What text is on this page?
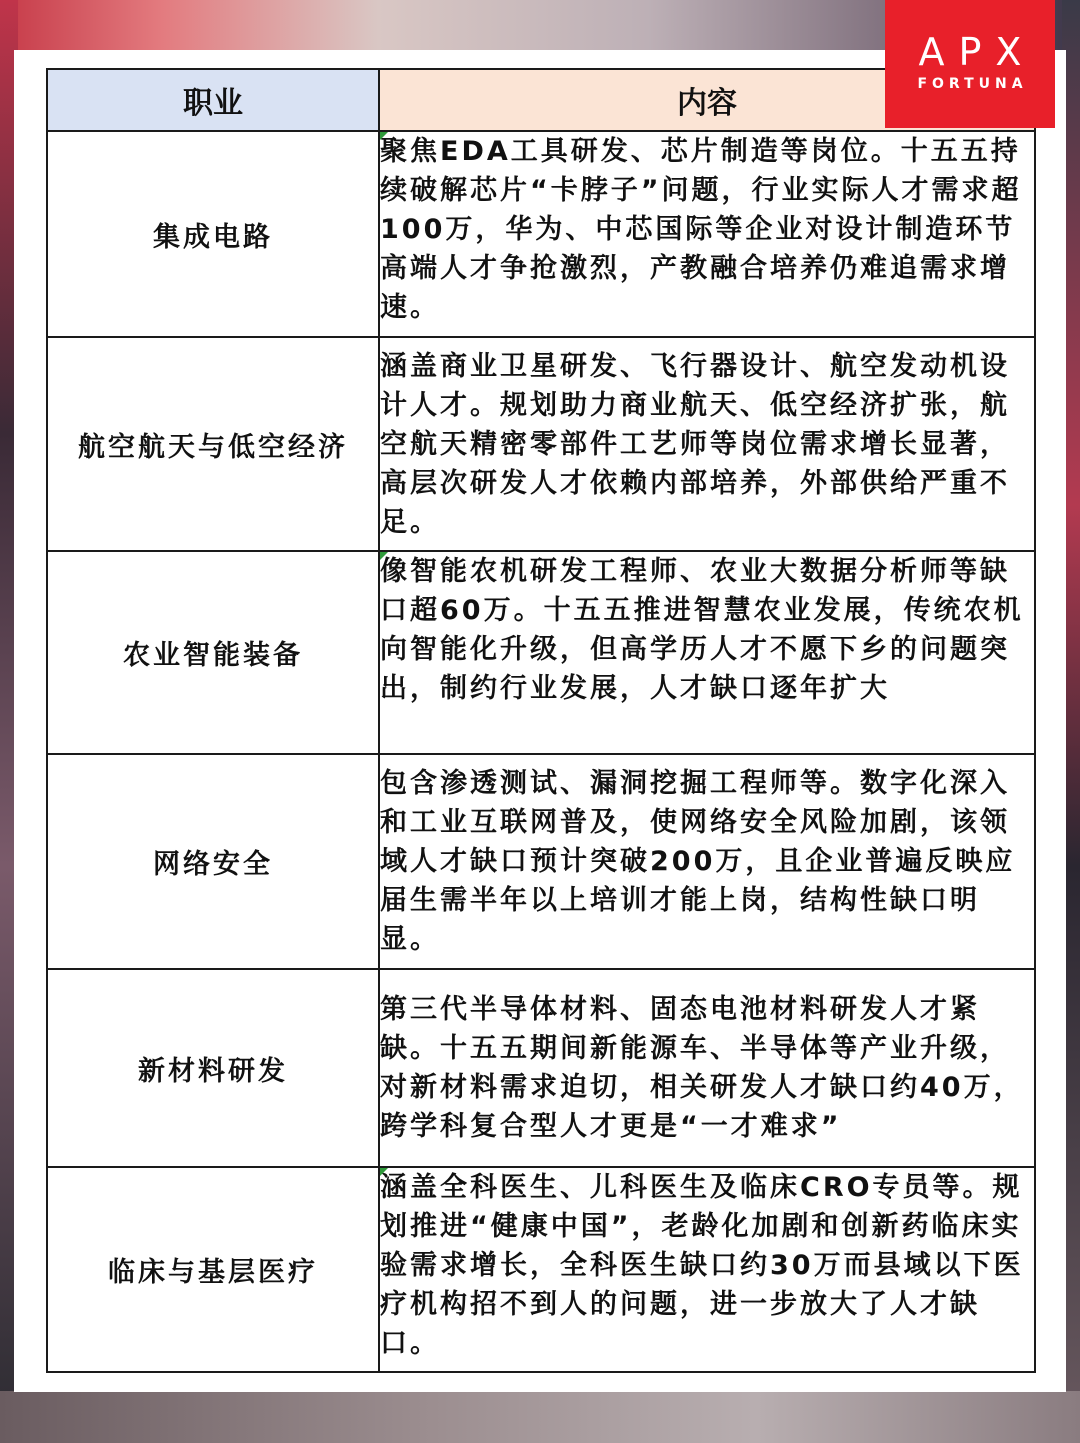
APX
FORTUNA
职业	内容
集成电路	聚焦EDA工具研发、芯片制造等岗位。十五五持续破解芯片“卡脖子”问题，行业实际人才需求超100万，华为、中芯国际等企业对设计制造环节高端人才争抢激烈，产教融合培养仍难追需求增速。
航空航天与低空经济	涵盖商业卫星研发、飞行器设计、航空发动机设计人才。规划助力商业航天、低空经济扩张，航空航天精密零部件工艺师等岗位需求增长显著，高层次研发人才依赖内部培养，外部供给严重不足。
农业智能装备	像智能农机研发工程师、农业大数据分析师等缺口超60万。十五五推进智慧农业发展，传统农机向智能化升级，但高学历人才不愿下乡的问题突出，制约行业发展，人才缺口逐年扩大
网络安全	包含渗透测试、漏洞挖掘工程师等。数字化深入和工业互联网普及，使网络安全风险加剧，该领域人才缺口预计突破200万，且企业普遍反映应届生需半年以上培训才能上岗，结构性缺口明显。
新材料研发	第三代半导体材料、固态电池材料研发人才紧缺。十五五期间新能源车、半导体等产业升级，对新材料需求迫切，相关研发人才缺口约40万，跨学科复合型人才更是“一才难求”
临床与基层医疗	涵盖全科医生、儿科医生及临床CRO专员等。规划推进“健康中国”，老龄化加剧和创新药临床实验需求增长，全科医生缺口约30万而县域以下医疗机构招不到人的问题，进一步放大了人才缺口。
